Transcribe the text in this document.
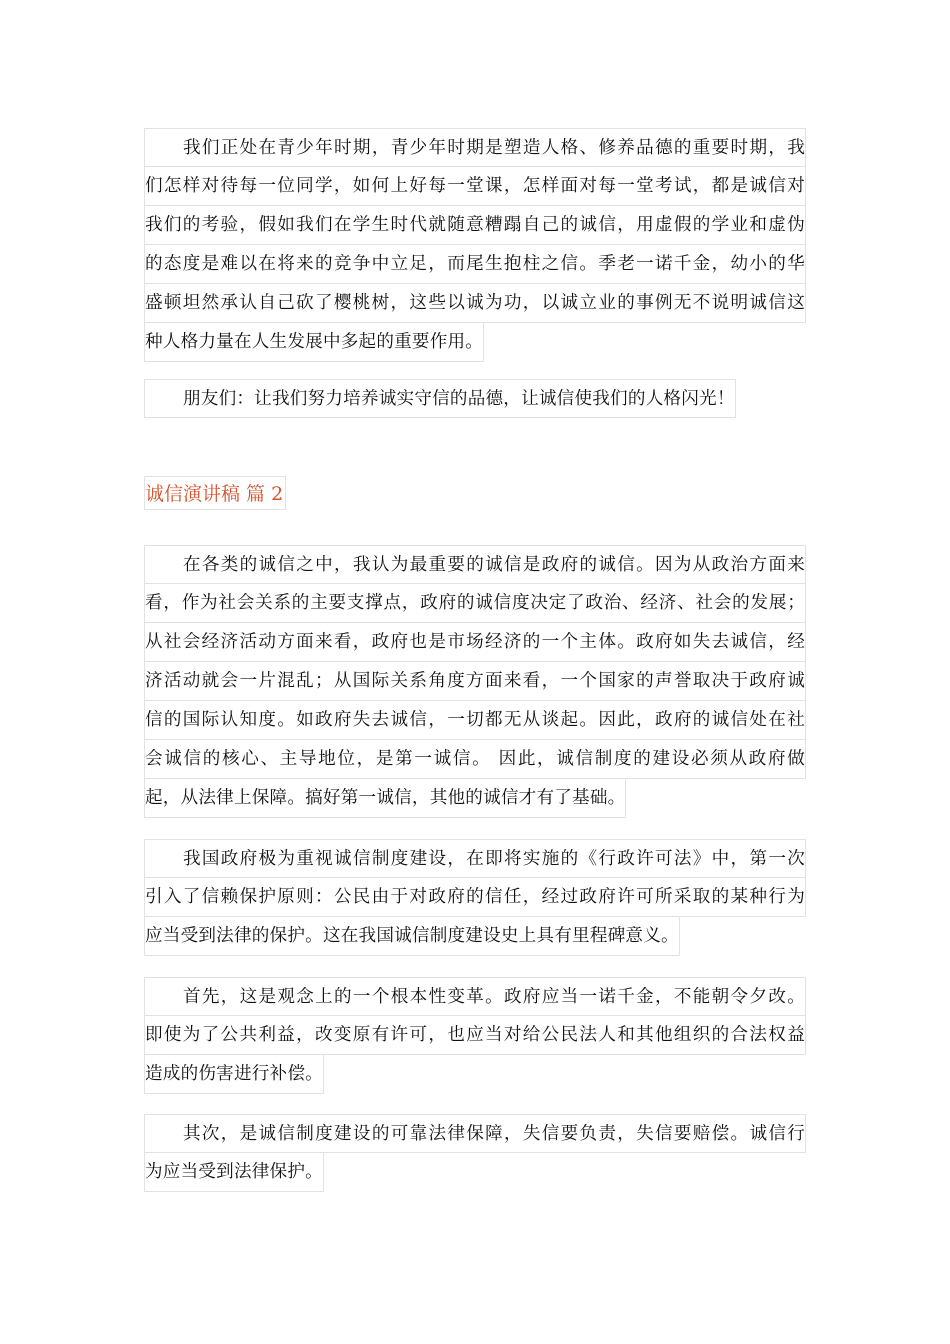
我们正处在青少年时期，青少年时期是塑造人格、修养品德的重要时期，我
们怎样对待每一位同学，如何上好每一堂课，怎样面对每一堂考试，都是诚信对
我们的考验，假如我们在学生时代就随意糟蹋自己的诚信，用虚假的学业和虚伪
的态度是难以在将来的竞争中立足，而尾生抱柱之信。季老一诺千金，幼小的华
盛顿坦然承认自己砍了樱桃树，这些以诚为功，以诚立业的事例无不说明诚信这
种人格力量在人生发展中多起的重要作用。
朋友们：让我们努力培养诚实守信的品德，让诚信使我们的人格闪光！
诚信演讲稿 篇 2
在各类的诚信之中，我认为最重要的诚信是政府的诚信。因为从政治方面来
看，作为社会关系的主要支撑点，政府的诚信度决定了政治、经济、社会的发展；
从社会经济活动方面来看，政府也是市场经济的一个主体。政府如失去诚信，经
济活动就会一片混乱；从国际关系角度方面来看，一个国家的声誉取决于政府诚
信的国际认知度。如政府失去诚信，一切都无从谈起。因此，政府的诚信处在社
会诚信的核心、主导地位，是第一诚信。 因此，诚信制度的建设必须从政府做
起，从法律上保障。搞好第一诚信，其他的诚信才有了基础。
我国政府极为重视诚信制度建设，在即将实施的《行政许可法》中，第一次
引入了信赖保护原则：公民由于对政府的信任，经过政府许可所采取的某种行为
应当受到法律的保护。这在我国诚信制度建设史上具有里程碑意义。
首先，这是观念上的一个根本性变革。政府应当一诺千金，不能朝令夕改。
即使为了公共利益，改变原有许可，也应当对给公民法人和其他组织的合法权益
造成的伤害进行补偿。
其次，是诚信制度建设的可靠法律保障，失信要负责，失信要赔偿。诚信行
为应当受到法律保护。
